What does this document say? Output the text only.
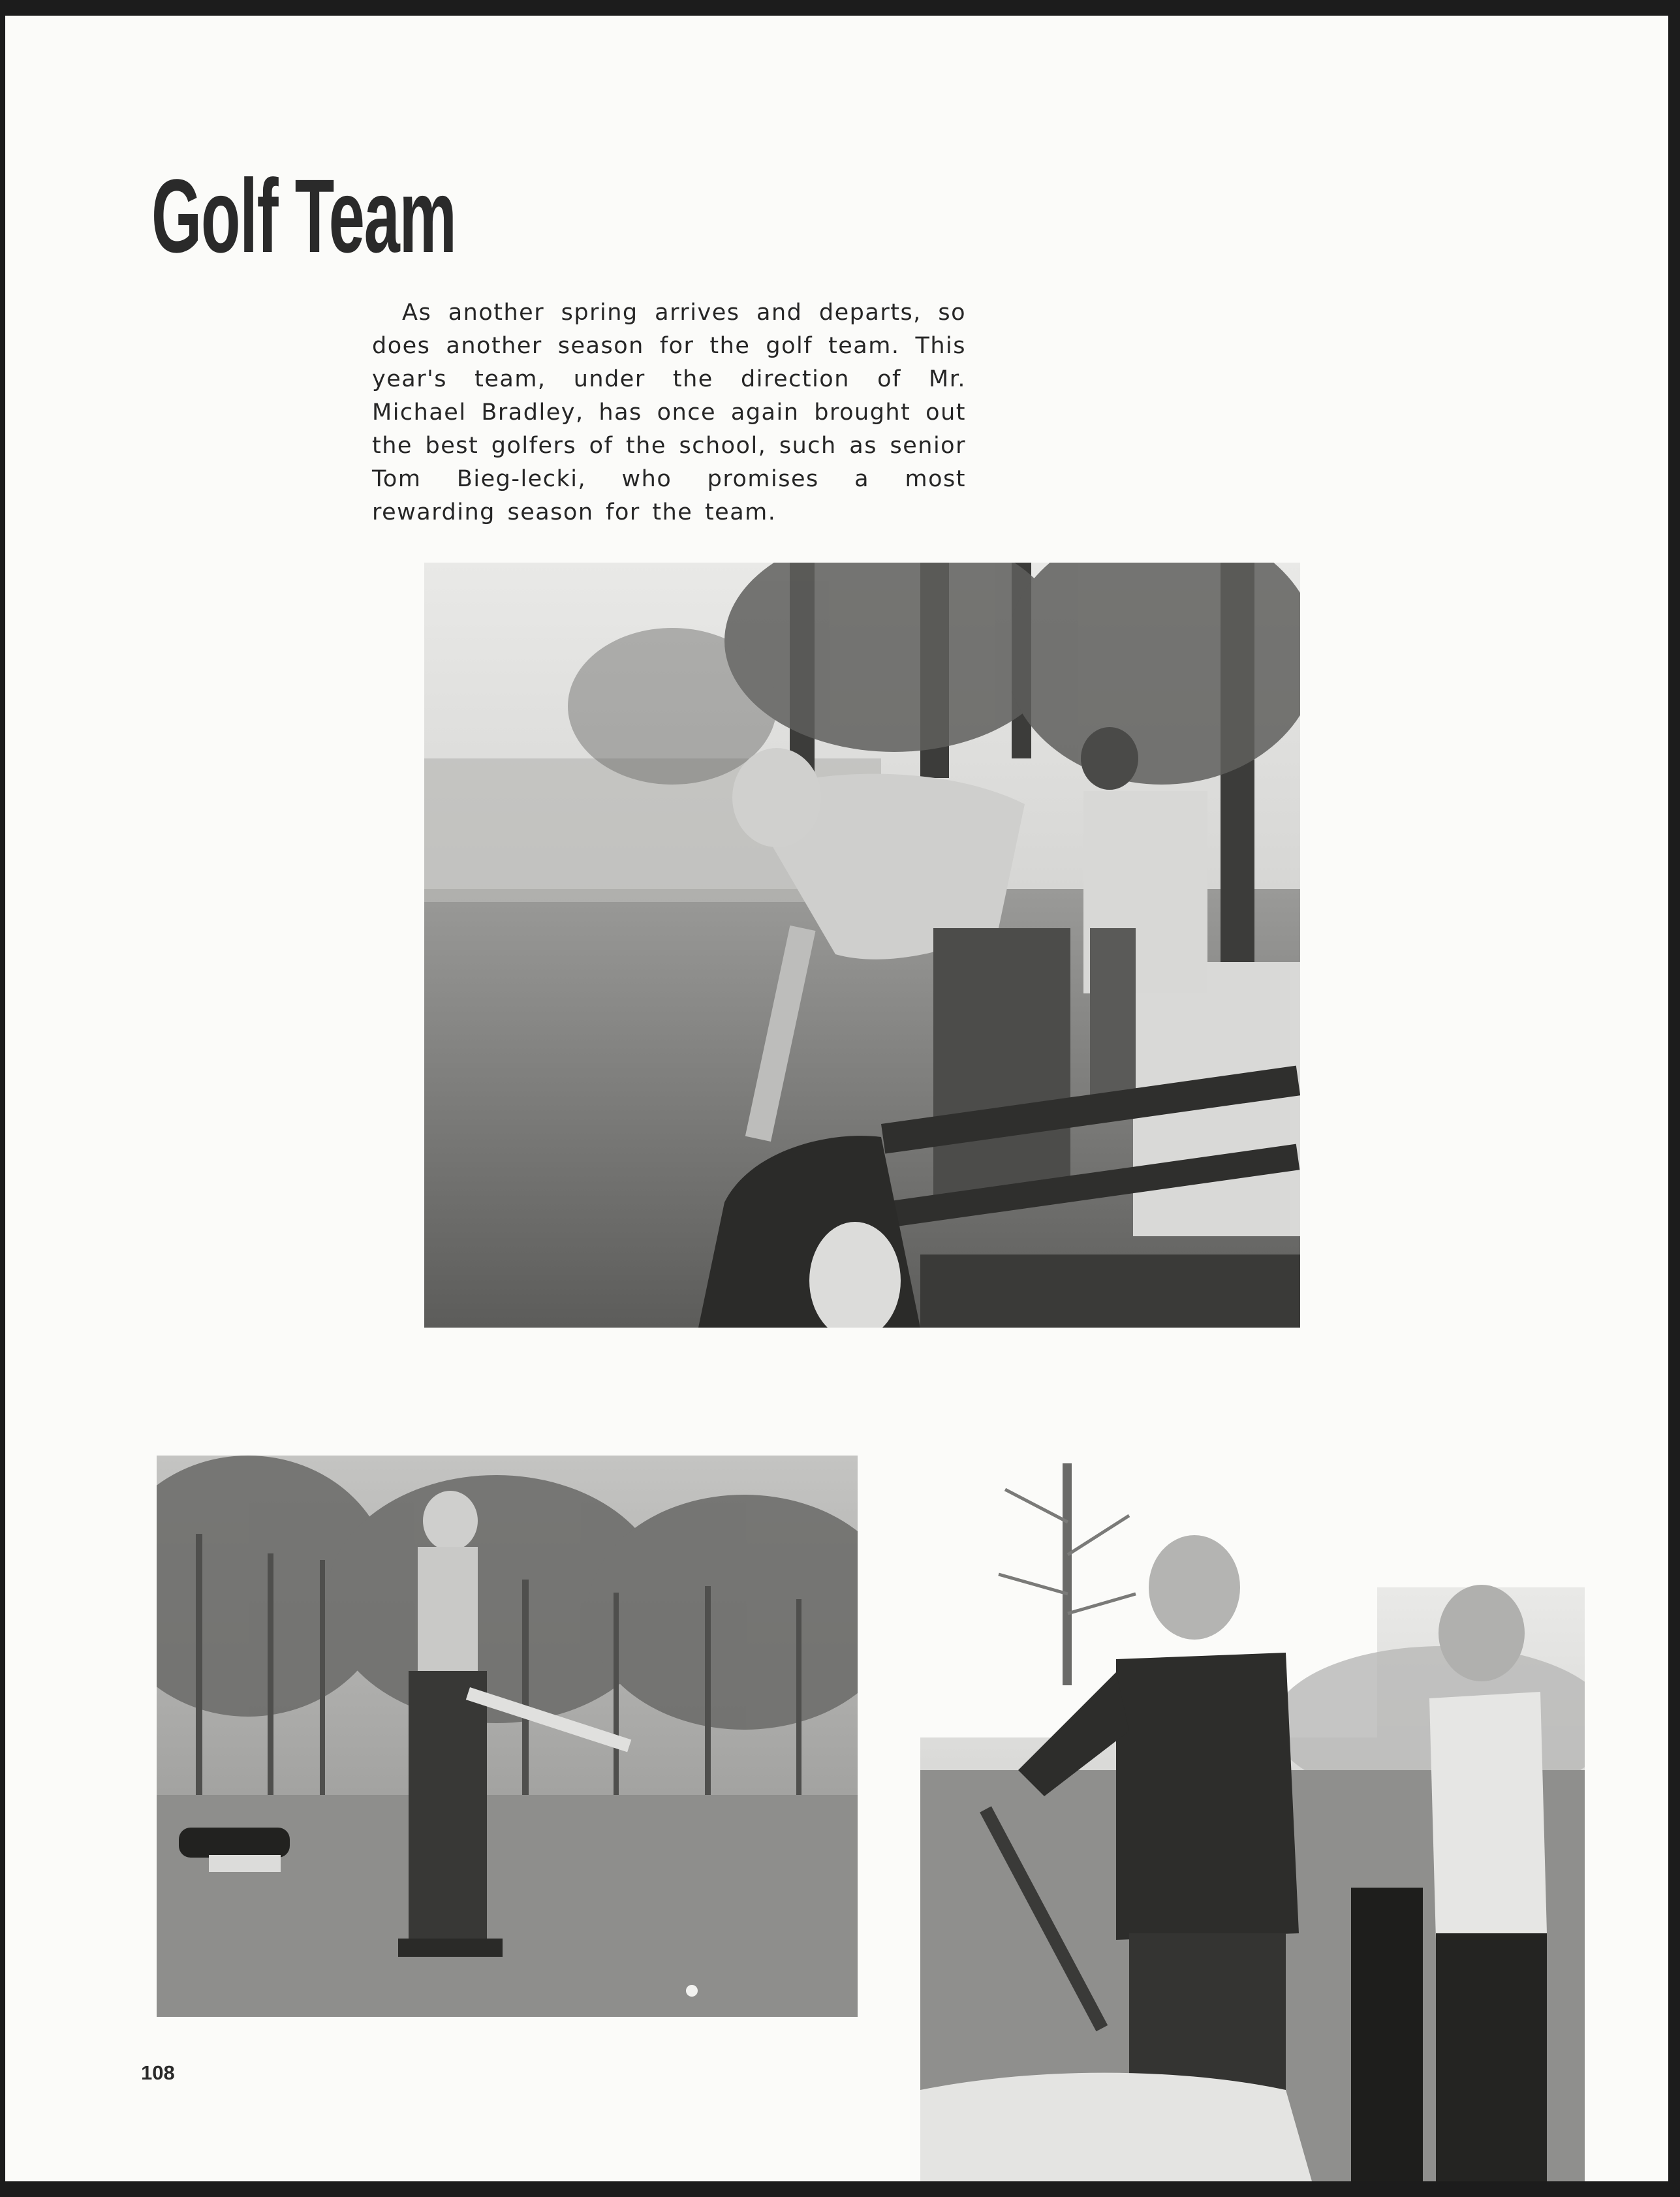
Golf Team

As another spring arrives and departs, so does another season for the golf team. This year's team, under the direction of Mr. Michael Bradley, has once again brought out the best golfers of the school, such as senior Tom Bieg-lecki, who promises a most rewarding season for the team.

108
